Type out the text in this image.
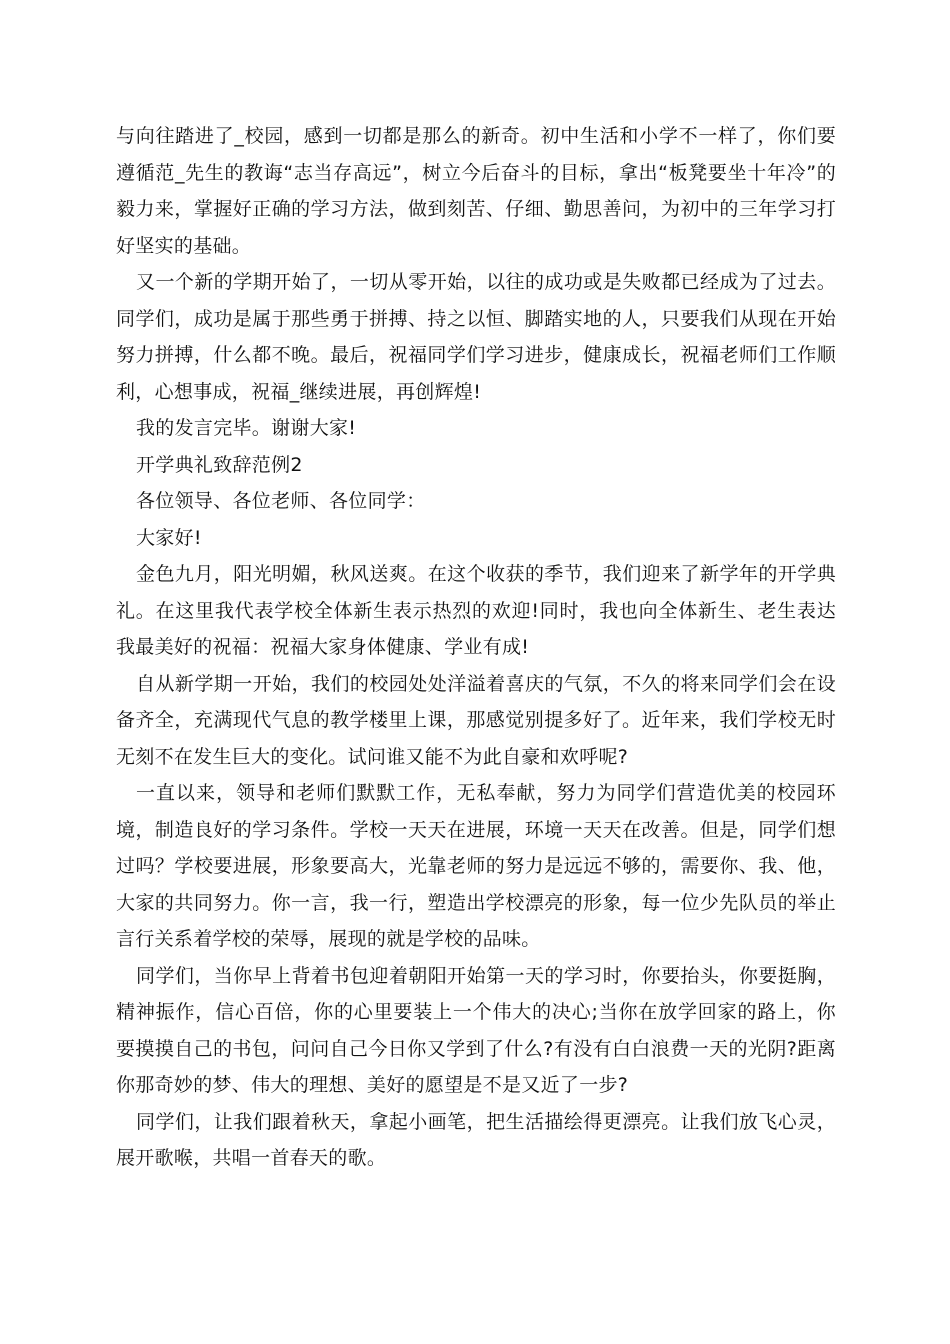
与向往踏进了_校园，感到一切都是那么的新奇。初中生活和小学不一样了，你们要遵循范_先生的教诲“志当存高远”，树立今后奋斗的目标，拿出“板凳要坐十年冷”的毅力来，掌握好正确的学习方法，做到刻苦、仔细、勤思善问，为初中的三年学习打好坚实的基础。

又一个新的学期开始了，一切从零开始，以往的成功或是失败都已经成为了过去。同学们，成功是属于那些勇于拼搏、持之以恒、脚踏实地的人，只要我们从现在开始努力拼搏，什么都不晚。最后，祝福同学们学习进步，健康成长，祝福老师们工作顺利，心想事成，祝福_继续进展，再创辉煌!

我的发言完毕。谢谢大家!

开学典礼致辞范例2

各位领导、各位老师、各位同学：

大家好!

金色九月，阳光明媚，秋风送爽。在这个收获的季节，我们迎来了新学年的开学典礼。在这里我代表学校全体新生表示热烈的欢迎!同时，我也向全体新生、老生表达我最美好的祝福：祝福大家身体健康、学业有成!

自从新学期一开始，我们的校园处处洋溢着喜庆的气氛，不久的将来同学们会在设备齐全，充满现代气息的教学楼里上课，那感觉别提多好了。近年来，我们学校无时无刻不在发生巨大的变化。试问谁又能不为此自豪和欢呼呢?

一直以来，领导和老师们默默工作，无私奉献，努力为同学们营造优美的校园环境，制造良好的学习条件。学校一天天在进展，环境一天天在改善。但是，同学们想过吗？学校要进展，形象要高大，光靠老师的努力是远远不够的，需要你、我、他，大家的共同努力。你一言，我一行，塑造出学校漂亮的形象，每一位少先队员的举止言行关系着学校的荣辱，展现的就是学校的品味。

同学们，当你早上背着书包迎着朝阳开始第一天的学习时，你要抬头，你要挺胸，精神振作，信心百倍，你的心里要装上一个伟大的决心;当你在放学回家的路上，你要摸摸自己的书包，问问自己今日你又学到了什么?有没有白白浪费一天的光阴?距离你那奇妙的梦、伟大的理想、美好的愿望是不是又近了一步?

同学们，让我们跟着秋天，拿起小画笔，把生活描绘得更漂亮。让我们放飞心灵，展开歌喉，共唱一首春天的歌。
